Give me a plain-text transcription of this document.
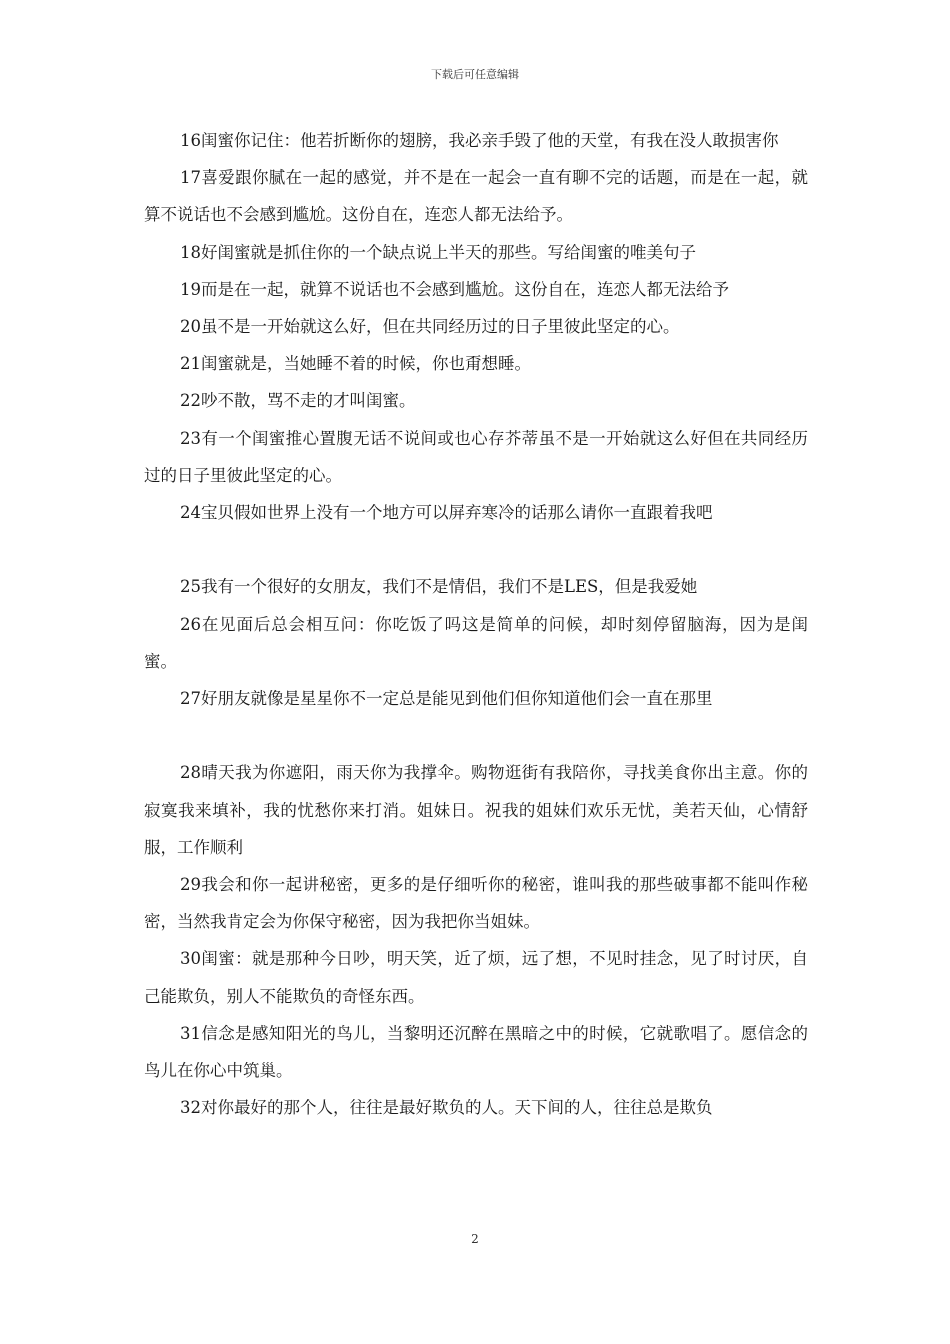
下载后可任意编辑

16闺蜜你记住：他若折断你的翅膀，我必亲手毁了他的天堂，有我在没人敢损害你

17喜爱跟你腻在一起的感觉，并不是在一起会一直有聊不完的话题，而是在一起，就算不说话也不会感到尴尬。这份自在，连恋人都无法给予。

18好闺蜜就是抓住你的一个缺点说上半天的那些。写给闺蜜的唯美句子

19而是在一起，就算不说话也不会感到尴尬。这份自在，连恋人都无法给予

20虽不是一开始就这么好，但在共同经历过的日子里彼此坚定的心。

21闺蜜就是，当她睡不着的时候，你也甭想睡。

22吵不散，骂不走的才叫闺蜜。

23有一个闺蜜推心置腹无话不说间或也心存芥蒂虽不是一开始就这么好但在共同经历过的日子里彼此坚定的心。

24宝贝假如世界上没有一个地方可以屏弃寒冷的话那么请你一直跟着我吧

25我有一个很好的女朋友，我们不是情侣，我们不是LES，但是我爱她

26在见面后总会相互问：你吃饭了吗这是简单的问候，却时刻停留脑海，因为是闺蜜。

27好朋友就像是星星你不一定总是能见到他们但你知道他们会一直在那里

28晴天我为你遮阳，雨天你为我撑伞。购物逛街有我陪你，寻找美食你出主意。你的寂寞我来填补，我的忧愁你来打消。姐妹日。祝我的姐妹们欢乐无忧，美若天仙，心情舒服，工作顺利

29我会和你一起讲秘密，更多的是仔细听你的秘密，谁叫我的那些破事都不能叫作秘密，当然我肯定会为你保守秘密，因为我把你当姐妹。

30闺蜜：就是那种今日吵，明天笑，近了烦，远了想，不见时挂念，见了时讨厌，自己能欺负，别人不能欺负的奇怪东西。

31信念是感知阳光的鸟儿，当黎明还沉醉在黑暗之中的时候，它就歌唱了。愿信念的鸟儿在你心中筑巢。

32对你最好的那个人，往往是最好欺负的人。天下间的人，往往总是欺负

2
